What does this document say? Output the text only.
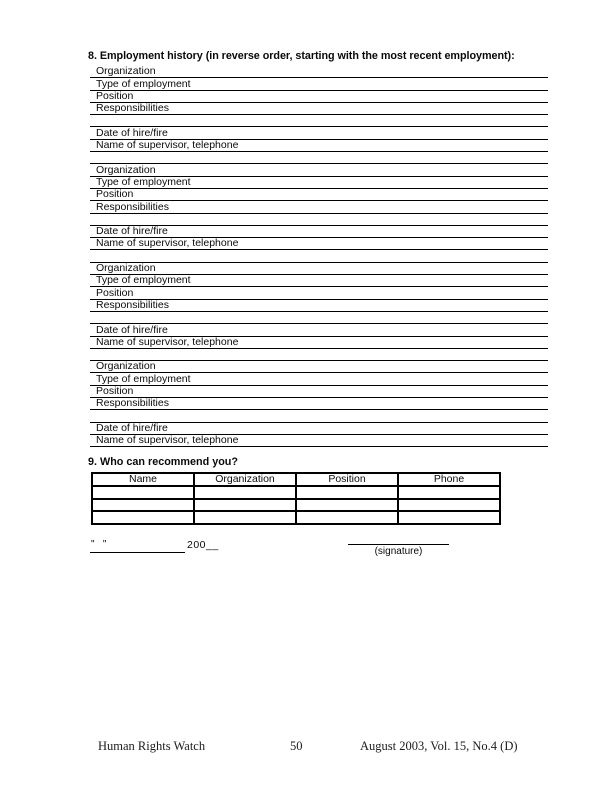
8. Employment history (in reverse order, starting with the most recent employment):
Organization
Type of employment
Position
Responsibilities
Date of hire/fire
Name of supervisor, telephone
Organization
Type of employment
Position
Responsibilities
Date of hire/fire
Name of supervisor, telephone
Organization
Type of employment
Position
Responsibilities
Date of hire/fire
Name of supervisor, telephone
Organization
Type of employment
Position
Responsibilities
Date of hire/fire
Name of supervisor, telephone
9. Who can recommend you?
Name	Organization	Position	Phone

"   "	200__
(signature)
Human Rights Watch	50	August 2003, Vol. 15, No.4 (D)
